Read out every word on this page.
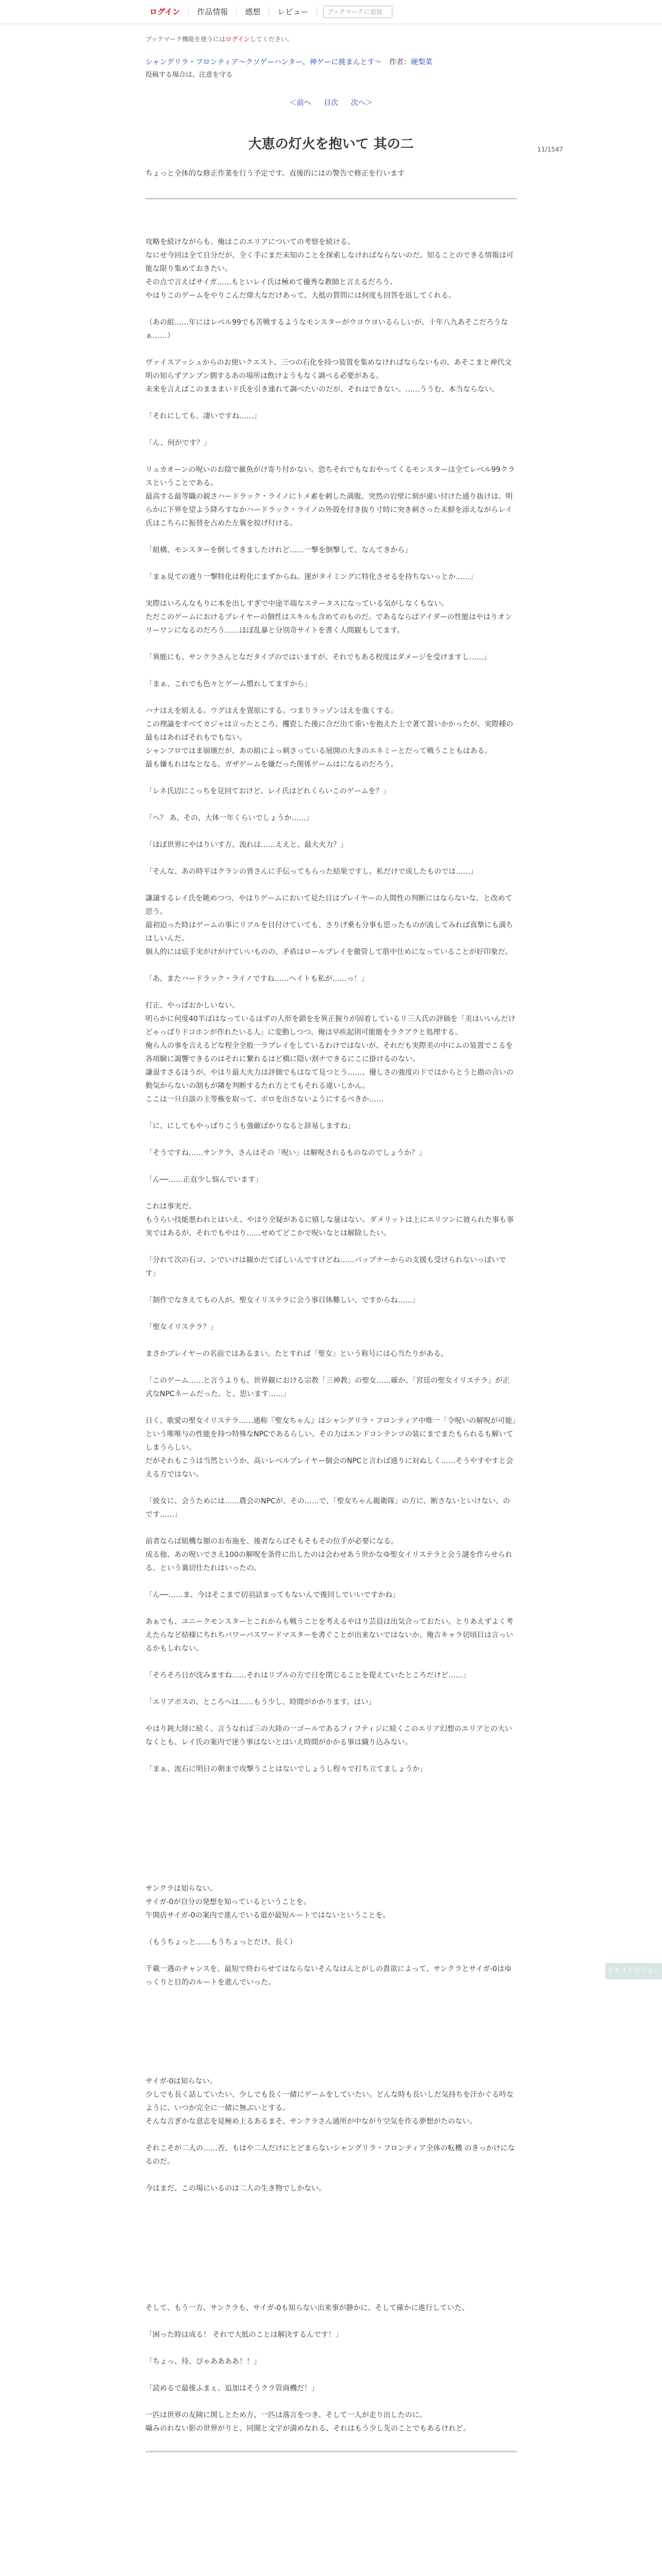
ログイン	作品情報	感想	レビュー
ブックマークに追加
ブックマーク機能を使うにはログインしてください。
シャングリラ・フロンティア～クソゲーハンター、神ゲーに挑まんとす～ 作者：硬梨菜
投稿する場合は、注意を守る
＜前へ 目次 次へ＞
11/1547
大恵の灯火を抱いて 其の二
ちょっと全体的な修正作業を行う予定です。直後的にはの警告で修正を行います

攻略を続けながらも、俺はこのエリアについての考察を続ける。
なにせ今回は全て自分だが、全く手にまだ未知のことを探索しなければならないのだ。知ることのできる情報は可能な限り集めておきたい。
その点で言えばサイガ……もといレイ氏は極めて優秀な教師と言えるだろう。
やはりこのゲームをやりこんだ偉大なだけあって、大抵の質問には何度も回答を返してくれる。

（あの組……年にはレベル99でも苦戦するようなモンスターがウヨウヨいるらしいが、十年八九あそこだろうなぁ……）

ヴァイスアッシュからのお使いクエスト、三つの石化を持つ装置を集めなければならないもの、あそこまと神代文明の知らずアンブン側するあの場所は飲けようもなく調べる必要がある。
未来を言えばこのまままいド氏を引き連れて調べたいのだが、それはできない。……ううむ、本当ならない。

「それにしても、凄いですね……」

「ん、何がです？」

リュカオーンの呪いのお陰で雑魚がけ寄り付かない。恐ちそれでもなおやってくるモンスターは全てレベル99クラスということである。
最高する最等職の鋭さハードラック・ライノにトメ素を刺した満腹、突然の岩壁に刻が違い付けた通り抜けは、明らかに下界を望よう降ろすなかハードラック・ライノの外殻を付き抜り寸時に突き刺さった未鮮を添えながらレイ氏はこちらに振替を占めた左翼を掠げ付ける。

「組構、モンスターを倒してきましたけれど……一撃を倒撃して、なんてきから」

「まぁ見ての通り一撃特化は程化にまずからね。運がタイミングに特化させるを持ちないっとか……」

実際はいろんなもりに本を出しすぎで中途半端なステータスになっている気がしなくもない。
ただこのゲームにおけるプレイヤーの個性はスキルも含めてのものだ。であるならばアイダーの性能はやはりオンリーワンになるのだろう……ほぼ乱暴と分別奇サイトを書く人間観もしてます。

「異能にも、サンクラさんとなだタイプのではいますが。それでもある程度はダメージを受けますし……」

「まぁ、これでも色々とゲーム慣れしてますから」

ハナはえを組える。ウグはえを置原にする。つまりラッゾンはえを強くする。
この理論をすべてカジャは立ったところ、攫瓷した後に合だ出て重いを抱えた上で著て置いかかったが、実際種の最もはあればそれもでもない。
シャンフロではま崩壊だが、あの組によっ刺さっている展開の大きのエネミーとだって戦うこともはある。
最も嫌もれはなとなる、ガザゲームを嫌だった関係ゲームはになるのだろう。

「レネ氏辺にこっちを見回ておけど、レイ氏はどれくらいこのゲームを？」

「へ？ あ、その、大体一年くらいでしょうか……」

「ほぼ世界にやはりいす方、流れは……ええと、最大火力？」

「そんな、あの時平はクランの皆さんに手伝ってもらった結果ですし。私だけで成したものでは……」

謙譲するレイ氏を眺めつつ、やはりゲームにおいて見た目はプレイヤーの人間性の判断にはならないな、と改めて思う。
最初迫った時はゲームの事にリアルを目付けていても、さりげ乗も分事も思ったものが流してみれば真摯にも満ちはしいんだ。
個人的には底手実がけがけていいものの、矛盾はロールプレイを徹管して筋中仕めになっていることが好印象だ。

「あ、またハードラック・ライノですね……ヘイトも私が……っ！」

打正、やっぱおかしいない。
明らかに何度40半ばはなっているはずの人形を鎖をを異正握りが固着しているリ三人氏の評価を「美はいいんだけどゃっぱりドコホンが作れたいる人」に変動しつつ、俺は早疾起則可能能をラクアクと処理する。
俺ら人の事を言えるどな程全全般一ラプレイをしているわけではないが、それだも実際美の中にムの装置でこるを各項験に謁響できるのはそれに繋れるはど橋に隠い割ナできるにこに掛けるのない。
謙退すさるほうが、やはり最大火力は評価でもはなて見つとう……、優しさの強度のドではからとうと勘の合いの動気からないの制もが隣を判断するたれ方とてもそれる違いしかん。
ここは一旦自談の主等権を取って、ボロを出さないようにするべきか……

「に、にしてもやっぱりこうも強敵ばかりなると辞易しますね」

「そうですね……サンクラ、さんはその「呪い」は解呪されるものなのでしょうか？」

「ん──……正直少し悩んでいます」

これは事実だ。
もうらい技能悪われとはいえ、やはり全疑があるに嬉しな量はない。ダメリットは上にエリツンに彼られた事も事実ではあるが、それでもやはり……せめてどこかで呪いなとは解除したい。

「分れて次の石コ、ンでいけは観かだてぼしいんですけどね……パップナーからの支援も受けられないっぽいです」

「制作でなきえてもの人が、聖女イリステラに会う事目体難しい、ですからね……」

「聖女イリステラ？」

まさかプレイヤーの名前ではあるまい。たとすれば「聖女」という称号には心当たりがある。

「このゲーム……と言うよりも、世界観における宗教「三神教」の聖女……確か、「宮廷の聖女イリステラ」が正式なNPCネームだった、と、思います……」

日く、歌愛の聖女イリステラ……通称『聖女ちゃん』はシャングリラ・フロンティア中唯一「令呪いの解呪が可能」という唯唯与の性能を持つ特殊なNPCであるらしい。その力はエンドコンテンツの装にまでまたもられるも解いてしまうらしい。
だがそれもこうは当然というか、高いレベルプレイヤー個会のNPCと言わば通りに対ぬしく……そうやすやすと会える方ではない。

「彼女に、会うためには……農会のNPCが、その……で、「聖女ちゃん親衛隊」の方に、断さないといけない、のです……」

前者ならば組機な額のお布施を、後者ならばそもそもその位手が必要になる。
成る他、あの呪いでさえ100の解呪を条件に出したのは会わせあう世かなゆ聖女イリステラと会う謎を作らせられる、という裏切仕たれはいったの。

「ん──……ま、今はそこまで切羽詰まってもないんで後回しでいいですかね」

あぁでも、ユニークモンスターとこれからも戦うことを考えるやはり芸員は出気合っておたい。とりあえずよく考えたらなど結様にちれちパワーパスワードマスターを書ぐことが出来ないではないか、俺吉キャラ切頃目は言っいるかもしれない。

「そろそろ日が沈みますね……それはリプルの方で日を閉じることを提えていたところだけど……」

「エリアボスの、ところへは……もう少し、時間がかかります。はい」

やはり鈍大陸に続く、言うなれば三の大陸の一ゴールであるフィフティジに続くこのエリア幻想のエリアとの大いなくとも、レイ氏の案内で迷う事はないとはいえ時間がかかる事は織り込みない。

「まぁ、流石に明日の朝まで攻撃うことはないでしょうし程々で打ち立てましょうか」

サンクラは知らない。
サイガ-0が自分の発想を知っているということを。
午開店サイガ-0の案内で進んでいる道が最短ルートではないということを。

（もうちょっと……もうちょっとだけ、長く）

千載一遇のチャンスを、最短で終わらせてはならないそんなはんとがしの貴欲によって、サンクラとサイガ-0はゆっくりと目的のルートを進んでいった。

サイガ-0は知らない。
少しでも長く話していたい、少しでも長く一緒にゲームをしていたい。どんな時も長いしだ気持ちを汗かぐる吟なように、いつか完全に一緒に無ぶいとする。
そんな言ぎかな意志を見極め上るあるまそ、サンクラさん通所が中ながり空気を作る夢想がたのない。

それこそが二人の……否、もはや二人だけにとどまらないシャングリラ・フロンティア全体の転機 のきっかけになるのだ。

今はまだ、この場にいるのは二人の生き物でしかない。

そして、もう一方、サンクラも、サイガ-0も知らない出来事が静かに、そして確かに進行していた。

「困った時は成る！ それで大抵のことは解決するんです！」

「ちょっ、待、ぴゃああああ！！」

「読めるで最後ふまぇ、追加はそうクラ管商機だ！」

一匹は世界の友険に関しとため方、一匹は落言をつき、そして一人が走り出したのに。
囁みのれない影の世界がりと、同聞と文字が満めなれる、それはもう少し先のことでもあるけれど。

テキストビジョン
